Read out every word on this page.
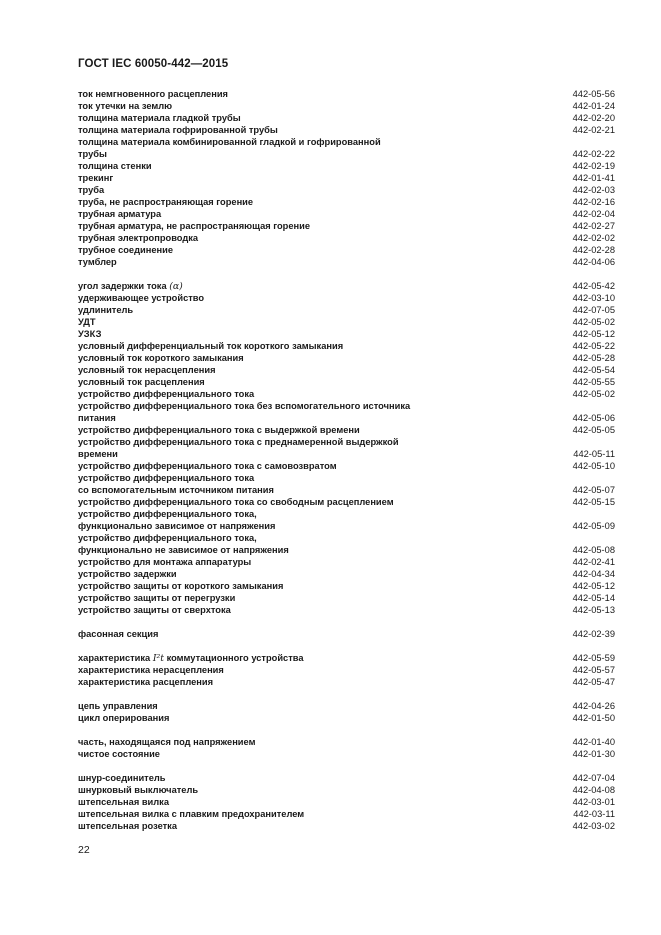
ГОСТ IEC 60050-442—2015
ток немгновенного расцепления	442-05-56
ток утечки на землю	442-01-24
толщина материала гладкой трубы	442-02-20
толщина материала гофрированной трубы	442-02-21
толщина материала комбинированной гладкой и гофрированной
трубы	442-02-22
толщина стенки	442-02-19
трекинг	442-01-41
труба	442-02-03
труба, не распространяющая горение	442-02-16
трубная арматура	442-02-04
трубная арматура, не распространяющая горение	442-02-27
трубная электропроводка	442-02-02
трубное соединение	442-02-28
тумблер	442-04-06
угол задержки тока (α)	442-05-42
удерживающее устройство	442-03-10
удлинитель	442-07-05
УДТ	442-05-02
УЗКЗ	442-05-12
условный дифференциальный ток короткого замыкания	442-05-22
условный ток короткого замыкания	442-05-28
условный ток нерасцепления	442-05-54
условный ток расцепления	442-05-55
устройство дифференциального тока	442-05-02
устройство дифференциального тока без вспомогательного источника
питания	442-05-06
устройство дифференциального тока с выдержкой времени	442-05-05
устройство дифференциального тока с преднамеренной выдержкой
времени	442-05-11
устройство дифференциального тока с самовозвратом	442-05-10
устройство дифференциального тока
со вспомогательным источником питания	442-05-07
устройство дифференциального тока со свободным расцеплением	442-05-15
устройство дифференциального тока,
функционально зависимое от напряжения	442-05-09
устройство дифференциального тока,
функционально не зависимое от напряжения	442-05-08
устройство для монтажа аппаратуры	442-02-41
устройство задержки	442-04-34
устройство защиты от короткого замыкания	442-05-12
устройство защиты от перегрузки	442-05-14
устройство защиты от сверхтока	442-05-13
фасонная секция	442-02-39
характеристика I²t коммутационного устройства	442-05-59
характеристика нерасцепления	442-05-57
характеристика расцепления	442-05-47
цепь управления	442-04-26
цикл оперирования	442-01-50
часть, находящаяся под напряжением	442-01-40
чистое состояние	442-01-30
шнур-соединитель	442-07-04
шнурковый выключатель	442-04-08
штепсельная вилка	442-03-01
штепсельная вилка с плавким предохранителем	442-03-11
штепсельная розетка	442-03-02
22
